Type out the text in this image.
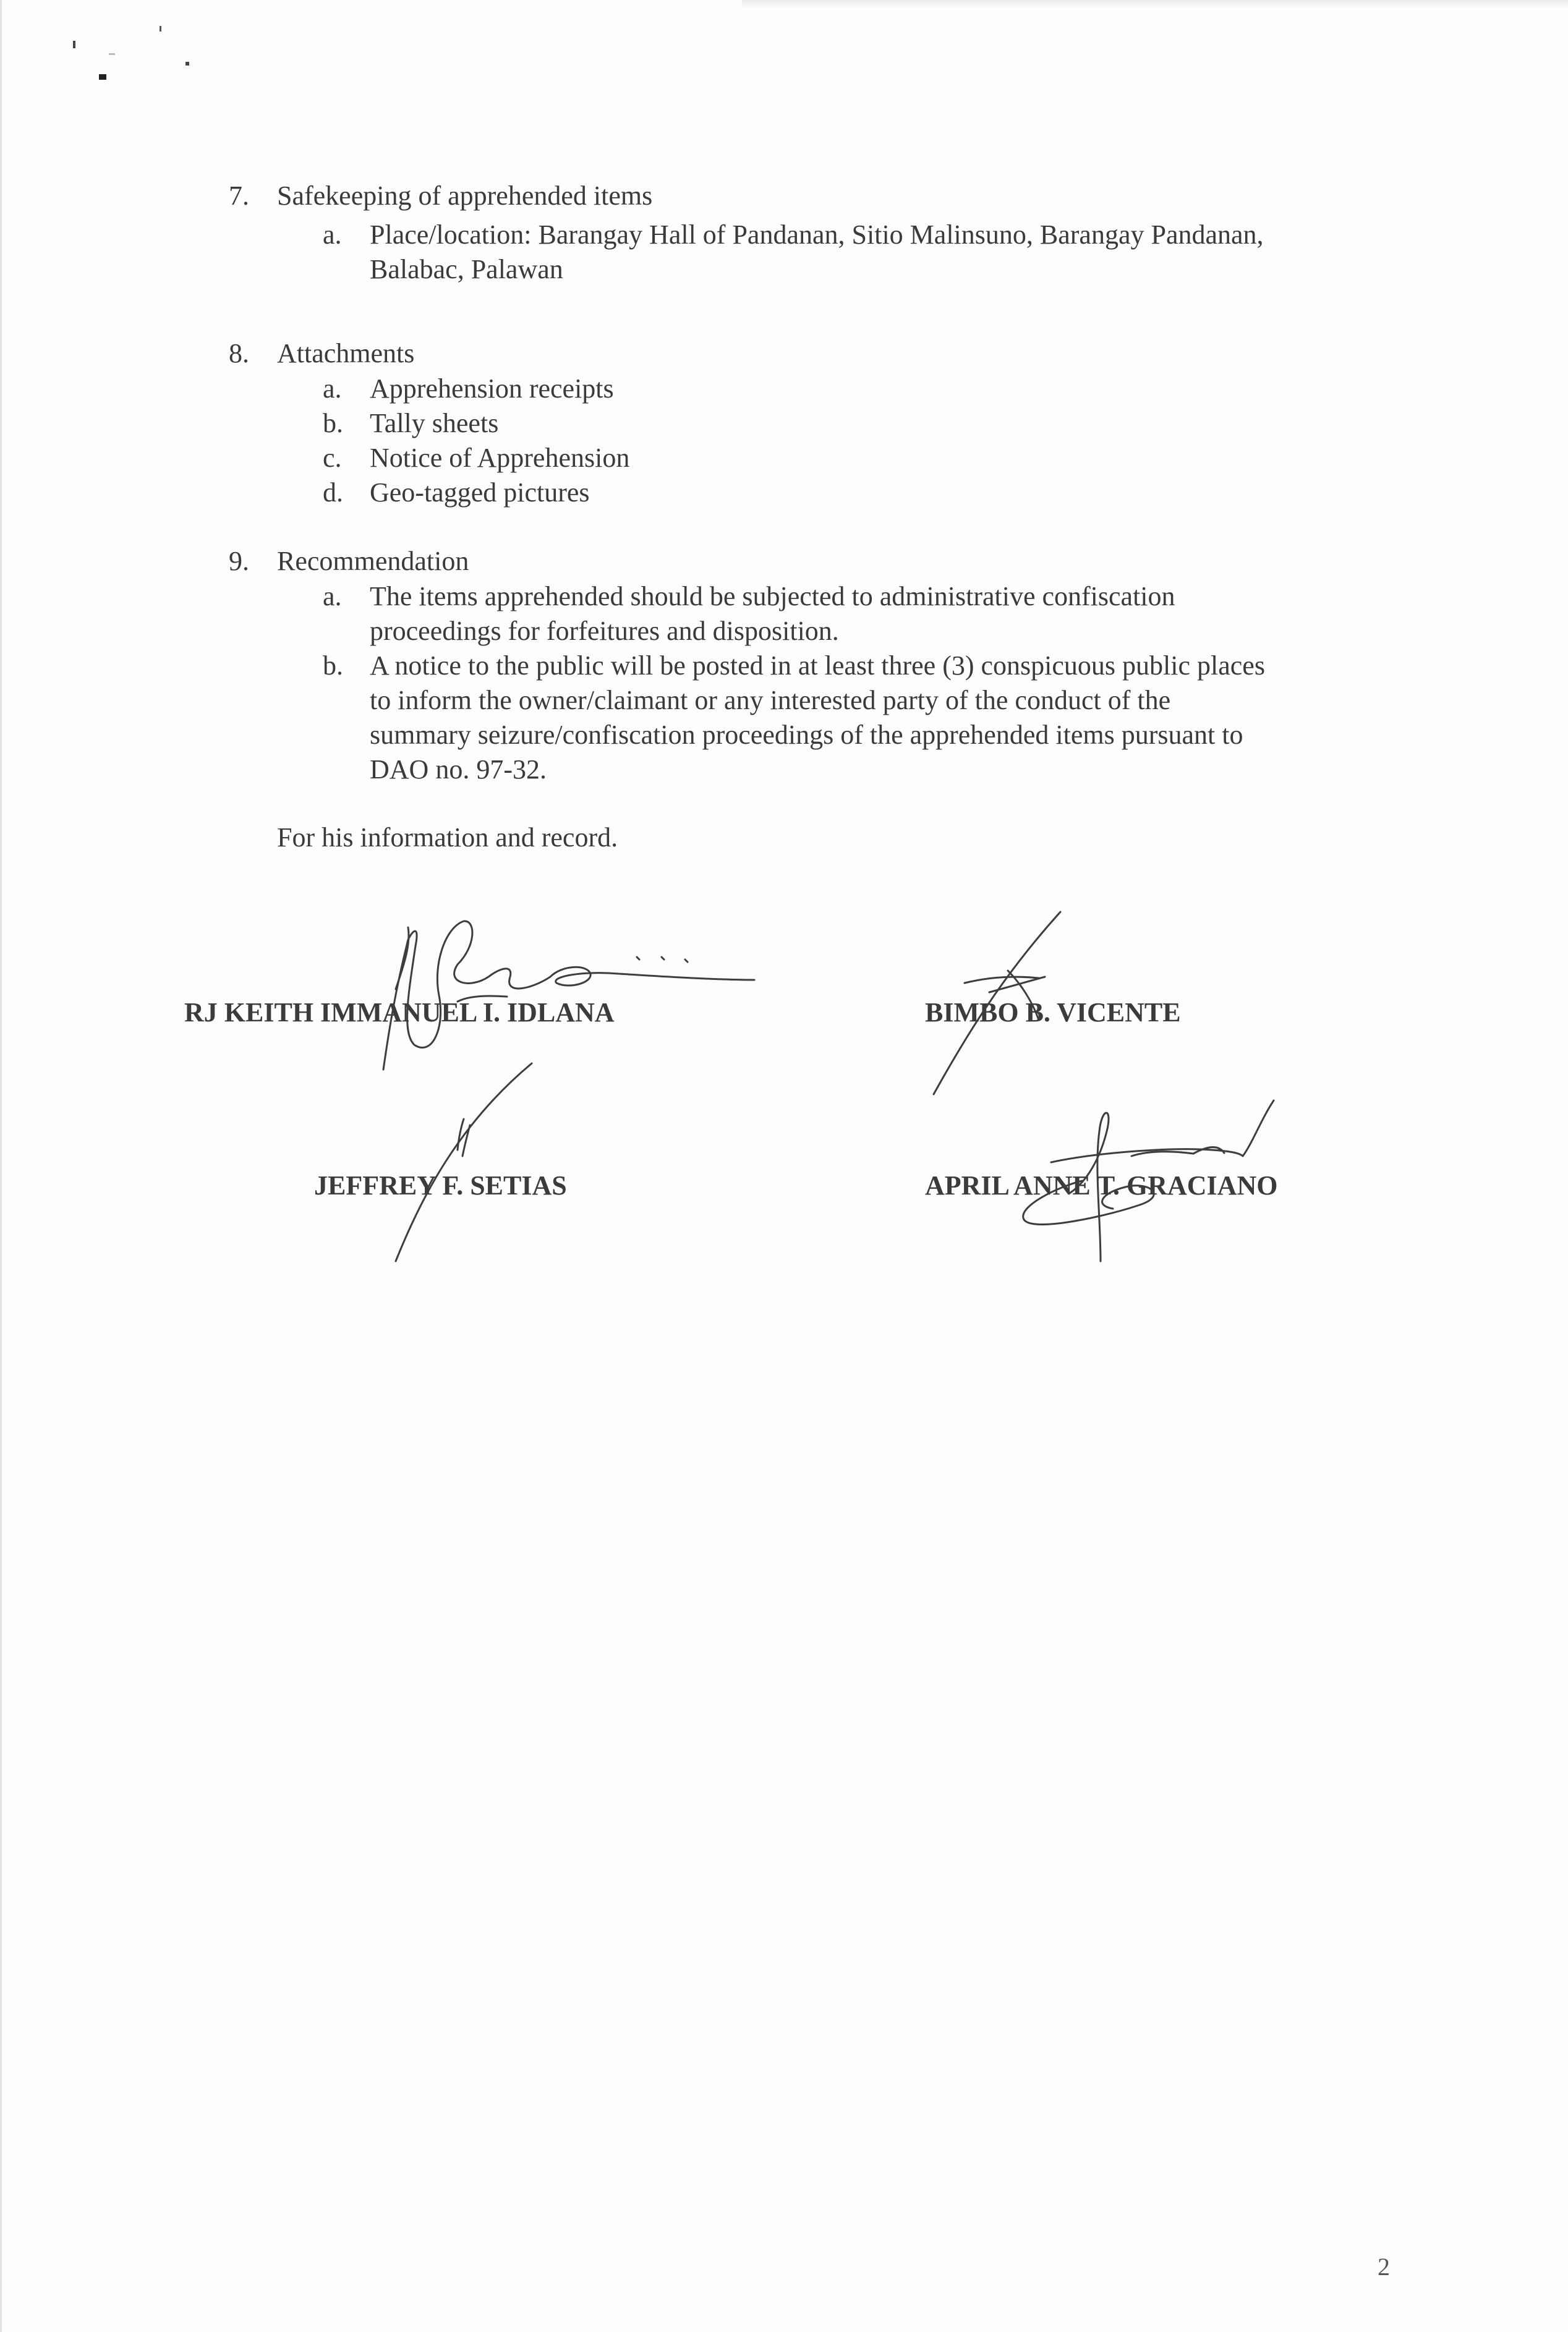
7. Safekeeping of apprehended items
a. Place/location: Barangay Hall of Pandanan, Sitio Malinsuno, Barangay Pandanan,
Balabac, Palawan
8. Attachments
a. Apprehension receipts
b. Tally sheets
c. Notice of Apprehension
d. Geo-tagged pictures
9. Recommendation
a. The items apprehended should be subjected to administrative confiscation
proceedings for forfeitures and disposition.
b. A notice to the public will be posted in at least three (3) conspicuous public places
to inform the owner/claimant or any interested party of the conduct of the
summary seizure/confiscation proceedings of the apprehended items pursuant to
DAO no. 97-32.
For his information and record.
RJ KEITH IMMANUEL I. IDLANA	BIMBO B. VICENTE
JEFFREY F. SETIAS	APRIL ANNE T. GRACIANO
2
